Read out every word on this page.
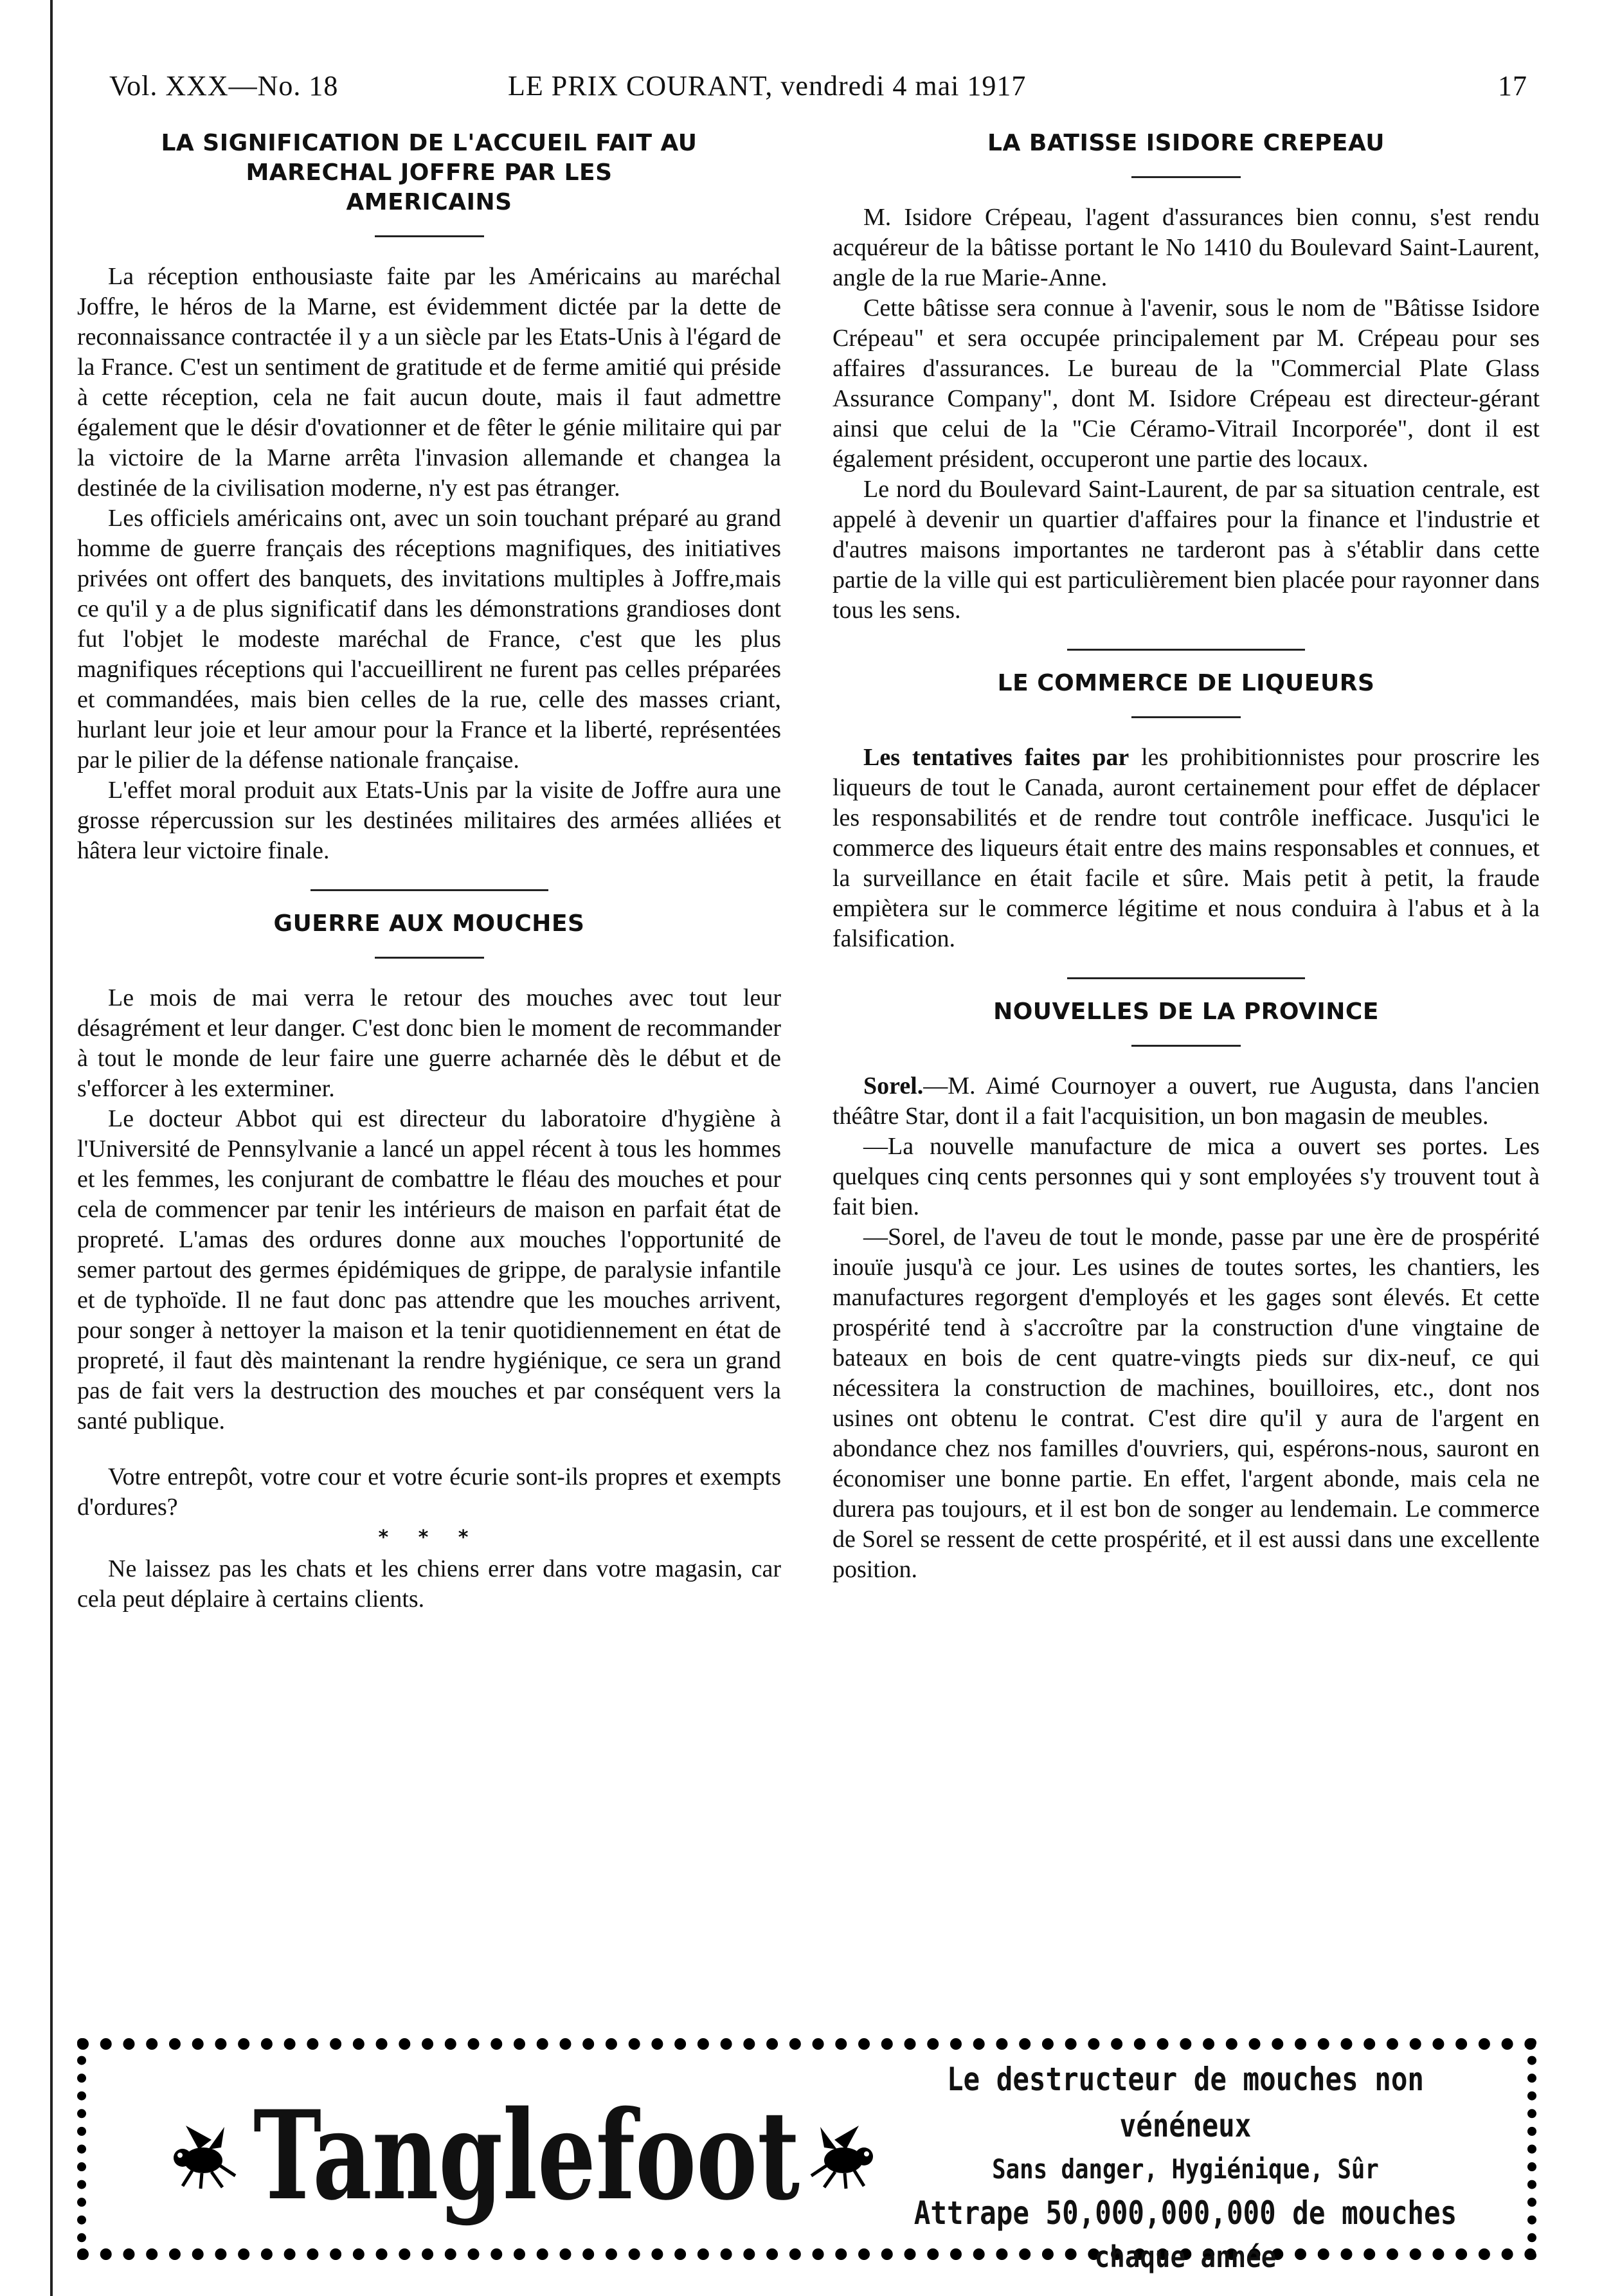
Vol. XXX—No. 18	LE PRIX COURANT, vendredi 4 mai 1917	17
LA SIGNIFICATION DE L'ACCUEIL FAIT AU
MARECHAL JOFFRE PAR LES
AMERICAINS

La réception enthousiaste faite par les Américains au maréchal Joffre, le héros de la Marne, est évidemment dictée par la dette de reconnaissance contractée il y a un siècle par les Etats-Unis à l'égard de la France. C'est un sentiment de gratitude et de ferme amitié qui préside à cette réception, cela ne fait aucun doute, mais il faut admettre également que le désir d'ovationner et de fêter le génie militaire qui par la victoire de la Marne arrêta l'invasion allemande et changea la destinée de la civilisation moderne, n'y est pas étranger.

Les officiels américains ont, avec un soin touchant préparé au grand homme de guerre français des réceptions magnifiques, des initiatives privées ont offert des banquets, des invitations multiples à Joffre,mais ce qu'il y a de plus significatif dans les démonstrations grandioses dont fut l'objet le modeste maréchal de France, c'est que les plus magnifiques réceptions qui l'accueillirent ne furent pas celles préparées et commandées, mais bien celles de la rue, celle des masses criant, hurlant leur joie et leur amour pour la France et la liberté, représentées par le pilier de la défense nationale française.

L'effet moral produit aux Etats-Unis par la visite de Joffre aura une grosse répercussion sur les destinées militaires des armées alliées et hâtera leur victoire finale.

GUERRE AUX MOUCHES

Le mois de mai verra le retour des mouches avec tout leur désagrément et leur danger. C'est donc bien le moment de recommander à tout le monde de leur faire une guerre acharnée dès le début et de s'efforcer à les exterminer.

Le docteur Abbot qui est directeur du laboratoire d'hygiène à l'Université de Pennsylvanie a lancé un appel récent à tous les hommes et les femmes, les conjurant de combattre le fléau des mouches et pour cela de commencer par tenir les intérieurs de maison en parfait état de propreté. L'amas des ordures donne aux mouches l'opportunité de semer partout des germes épidémiques de grippe, de paralysie infantile et de typhoïde. Il ne faut donc pas attendre que les mouches arrivent, pour songer à nettoyer la maison et la tenir quotidiennement en état de propreté, il faut dès maintenant la rendre hygiénique, ce sera un grand pas de fait vers la destruction des mouches et par conséquent vers la santé publique.

Votre entrepôt, votre cour et votre écurie sont-ils propres et exempts d'ordures?

* * *

Ne laissez pas les chats et les chiens errer dans votre magasin, car cela peut déplaire à certains clients.

LA BATISSE ISIDORE CREPEAU

M. Isidore Crépeau, l'agent d'assurances bien connu, s'est rendu acquéreur de la bâtisse portant le No 1410 du Boulevard Saint-Laurent, angle de la rue Marie-Anne.

Cette bâtisse sera connue à l'avenir, sous le nom de "Bâtisse Isidore Crépeau" et sera occupée principalement par M. Crépeau pour ses affaires d'assurances. Le bureau de la "Commercial Plate Glass Assurance Company", dont M. Isidore Crépeau est directeur-gérant ainsi que celui de la "Cie Céramo-Vitrail Incorporée", dont il est également président, occuperont une partie des locaux.

Le nord du Boulevard Saint-Laurent, de par sa situation centrale, est appelé à devenir un quartier d'affaires pour la finance et l'industrie et d'autres maisons importantes ne tarderont pas à s'établir dans cette partie de la ville qui est particulièrement bien placée pour rayonner dans tous les sens.

LE COMMERCE DE LIQUEURS

Les tentatives faites par les prohibitionnistes pour proscrire les liqueurs de tout le Canada, auront certainement pour effet de déplacer les responsabilités et de rendre tout contrôle inefficace. Jusqu'ici le commerce des liqueurs était entre des mains responsables et connues, et la surveillance en était facile et sûre. Mais petit à petit, la fraude empiètera sur le commerce légitime et nous conduira à l'abus et à la falsification.

NOUVELLES DE LA PROVINCE

Sorel.—M. Aimé Cournoyer a ouvert, rue Augusta, dans l'ancien théâtre Star, dont il a fait l'acquisition, un bon magasin de meubles.

—La nouvelle manufacture de mica a ouvert ses portes. Les quelques cinq cents personnes qui y sont employées s'y trouvent tout à fait bien.

—Sorel, de l'aveu de tout le monde, passe par une ère de prospérité inouïe jusqu'à ce jour. Les usines de toutes sortes, les chantiers, les manufactures regorgent d'employés et les gages sont élevés. Et cette prospérité tend à s'accroître par la construction d'une vingtaine de bateaux en bois de cent quatre-vingts pieds sur dix-neuf, ce qui nécessitera la construction de machines, bouilloires, etc., dont nos usines ont obtenu le contrat. C'est dire qu'il y aura de l'argent en abondance chez nos familles d'ouvriers, qui, espérons-nous, sauront en économiser une bonne partie. En effet, l'argent abonde, mais cela ne durera pas toujours, et il est bon de songer au lendemain. Le commerce de Sorel se ressent de cette prospérité, et il est aussi dans une excellente position.

Tanglefoot
Le destructeur de mouches non vénéneux
Sans danger, Hygiénique, Sûr
Attrape 50,000,000,000 de mouches
chaque année
